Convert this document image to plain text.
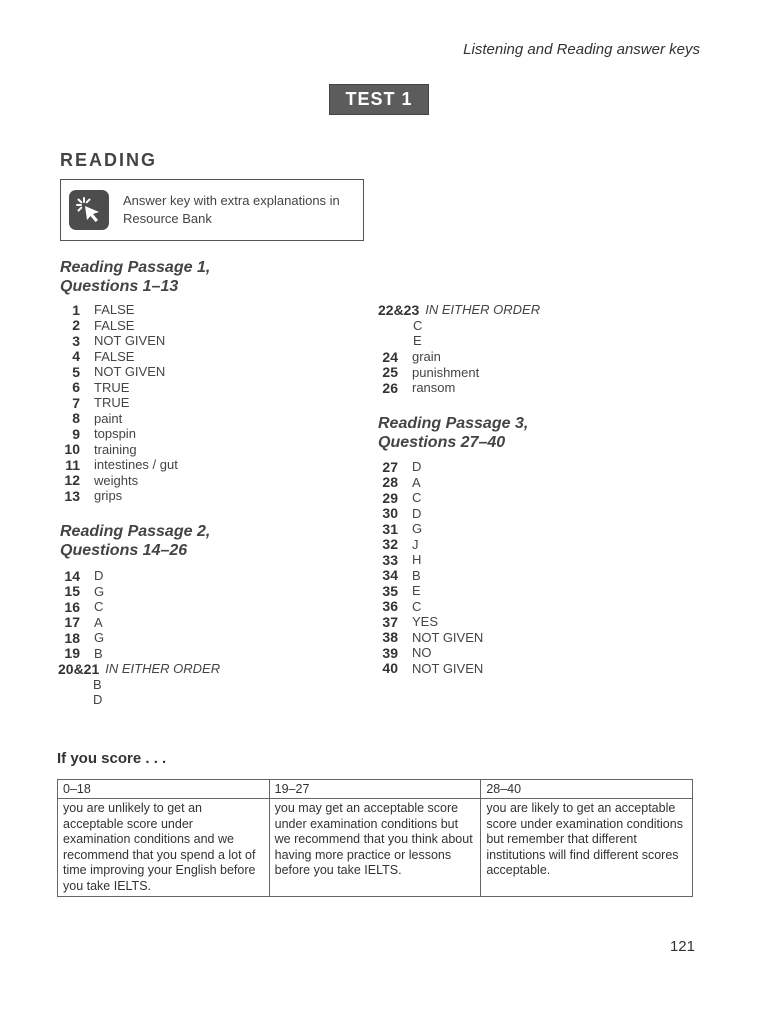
Listening and Reading answer keys
TEST 1
READING
Answer key with extra explanations in Resource Bank
Reading Passage 1,
Questions 1–13
1 FALSE
2 FALSE
3 NOT GIVEN
4 FALSE
5 NOT GIVEN
6 TRUE
7 TRUE
8 paint
9 topspin
10 training
11 intestines / gut
12 weights
13 grips
Reading Passage 2,
Questions 14–26
14 D
15 G
16 C
17 A
18 G
19 B
20&21 IN EITHER ORDER
B
D
22&23 IN EITHER ORDER
C
E
24 grain
25 punishment
26 ransom
Reading Passage 3,
Questions 27–40
27 D
28 A
29 C
30 D
31 G
32 J
33 H
34 B
35 E
36 C
37 YES
38 NOT GIVEN
39 NO
40 NOT GIVEN
If you score . . .
0–18	19–27	28–40
you are unlikely to get an acceptable score under examination conditions and we recommend that you spend a lot of time improving your English before you take IELTS.	you may get an acceptable score under examination conditions but we recommend that you think about having more practice or lessons before you take IELTS.	you are likely to get an acceptable score under examination conditions but remember that different institutions will find different scores acceptable.
121
